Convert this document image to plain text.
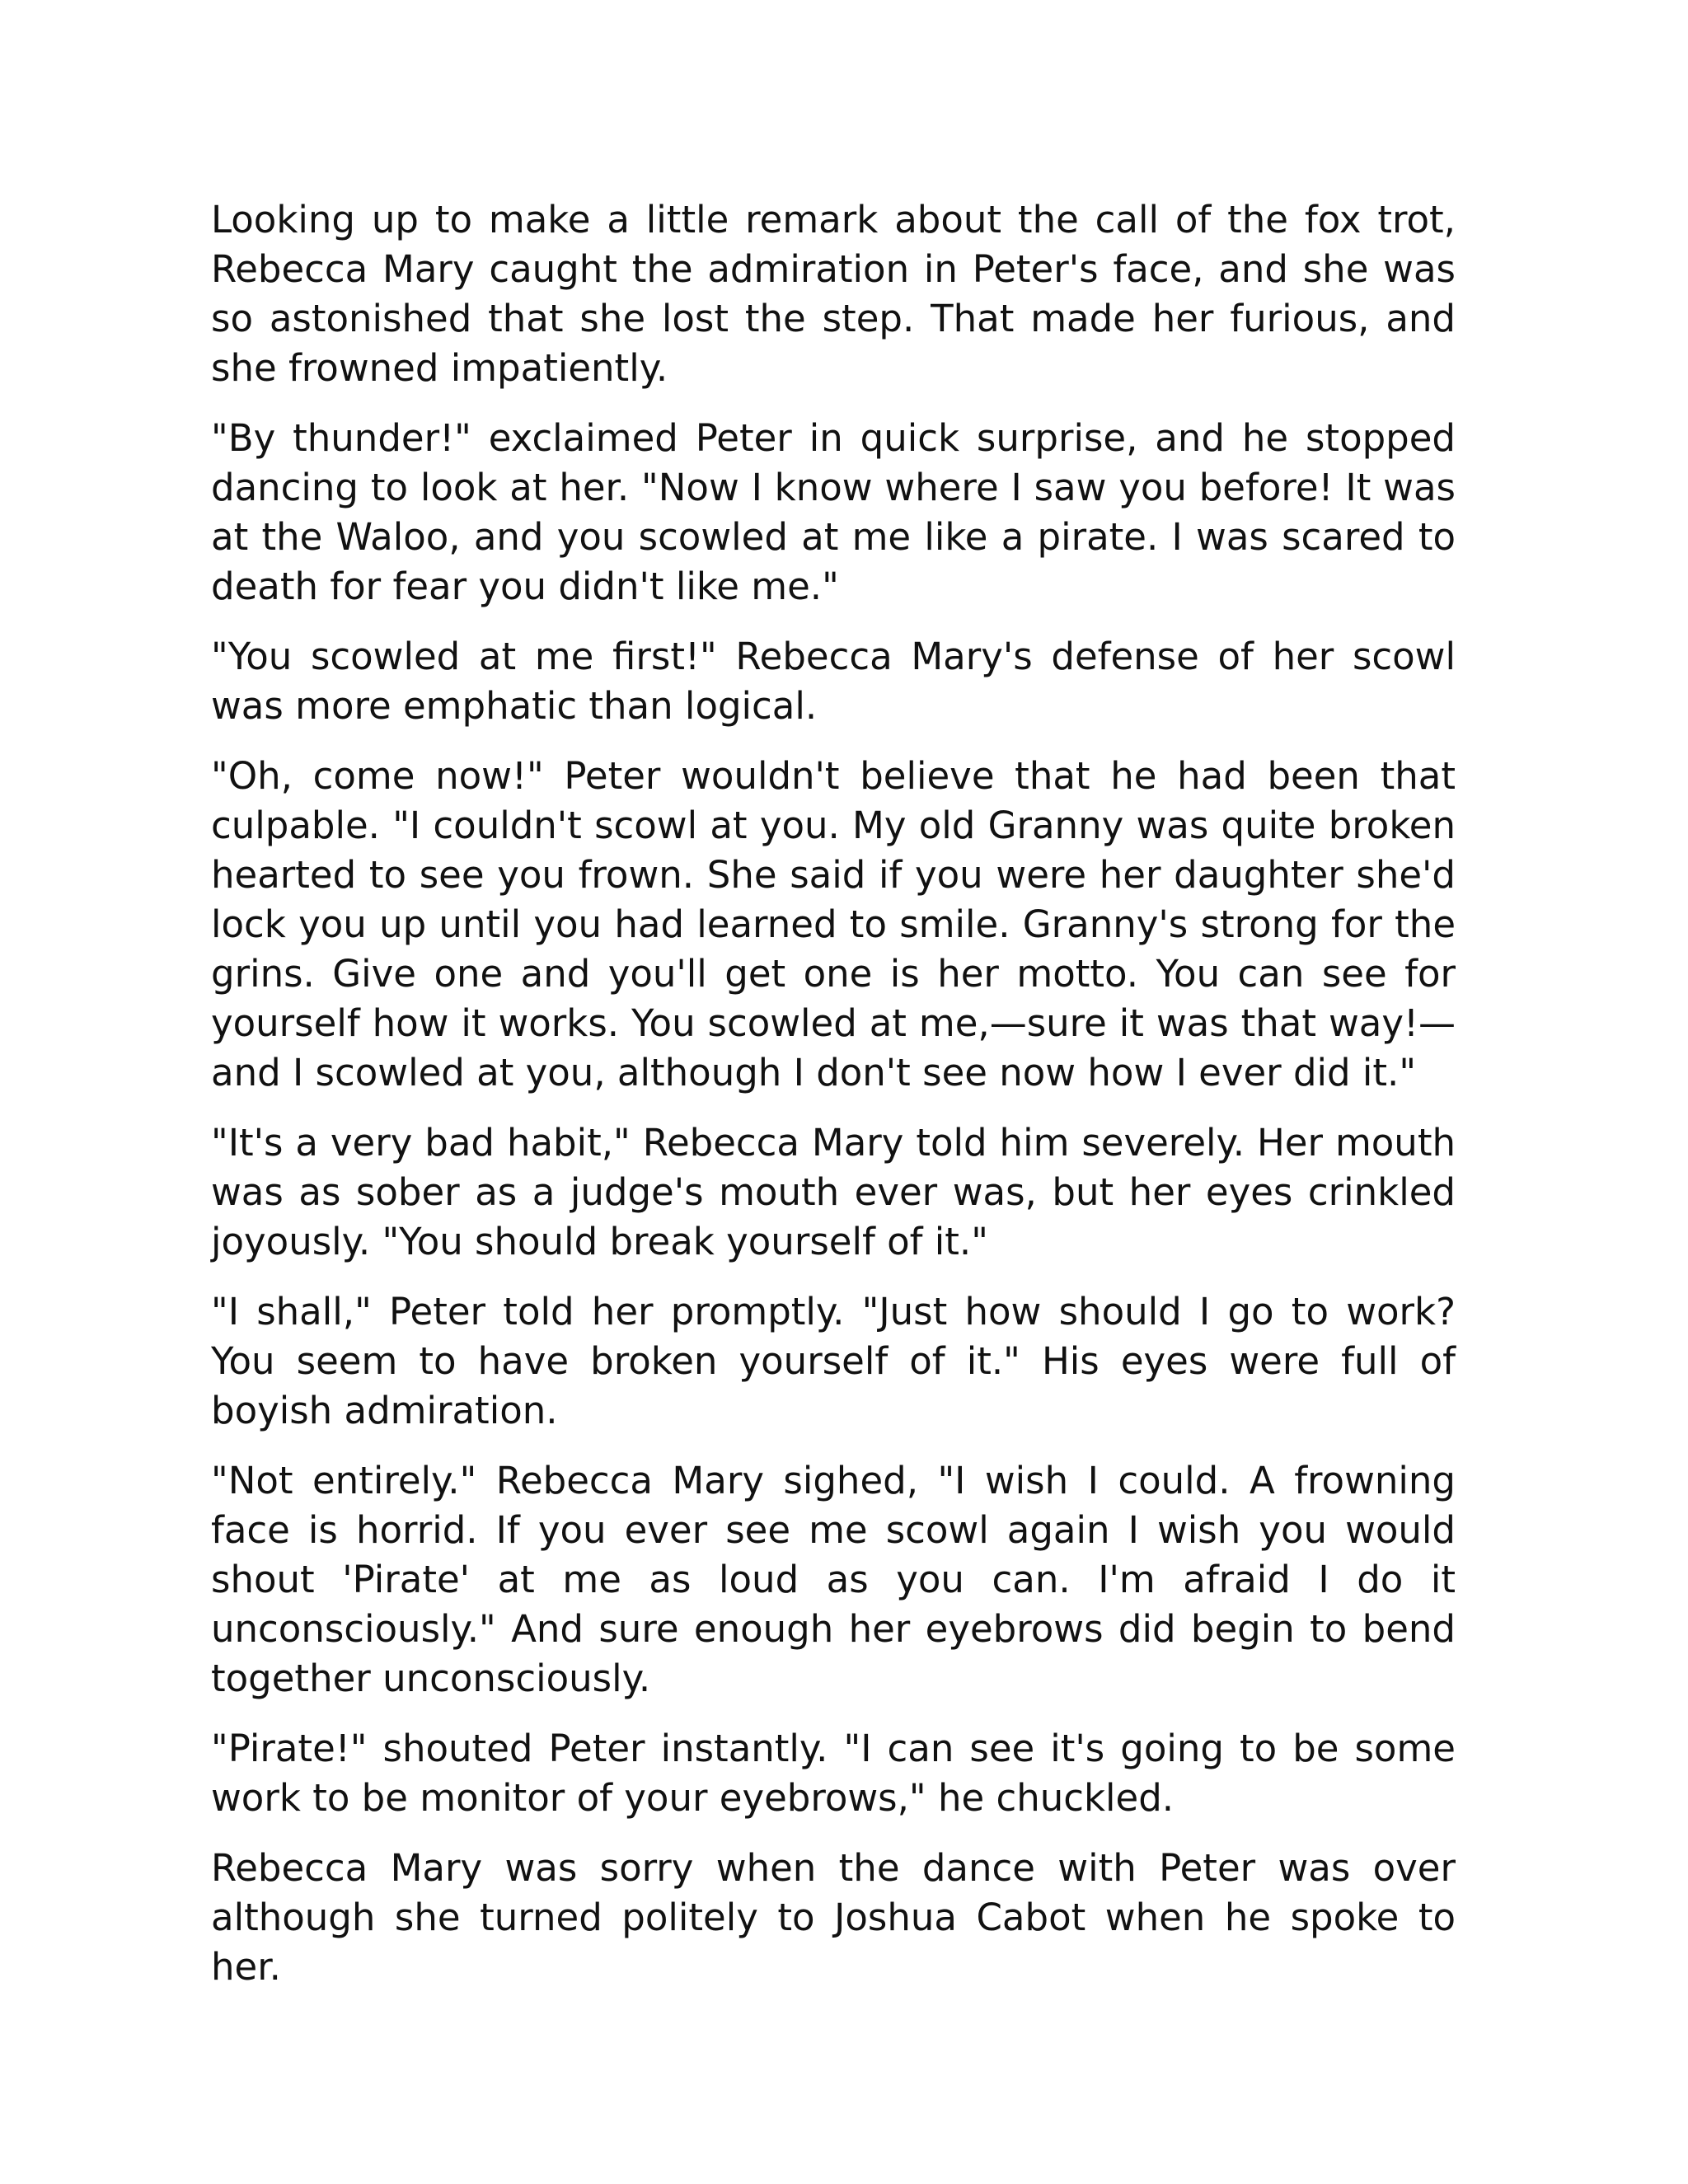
Looking up to make a little remark about the call of the fox trot, Rebecca Mary caught the admiration in Peter's face, and she was so astonished that she lost the step. That made her furious, and she frowned impatiently.

"By thunder!" exclaimed Peter in quick surprise, and he stopped dancing to look at her. "Now I know where I saw you before! It was at the Waloo, and you scowled at me like a pirate. I was scared to death for fear you didn't like me."

"You scowled at me first!" Rebecca Mary's defense of her scowl was more emphatic than logical.

"Oh, come now!" Peter wouldn't believe that he had been that culpable. "I couldn't scowl at you. My old Granny was quite broken hearted to see you frown. She said if you were her daughter she'd lock you up until you had learned to smile. Granny's strong for the grins. Give one and you'll get one is her motto. You can see for yourself how it works. You scowled at me,—sure it was that way!—and I scowled at you, although I don't see now how I ever did it."

"It's a very bad habit," Rebecca Mary told him severely. Her mouth was as sober as a judge's mouth ever was, but her eyes crinkled joyously. "You should break yourself of it."

"I shall," Peter told her promptly. "Just how should I go to work? You seem to have broken yourself of it." His eyes were full of boyish admiration.

"Not entirely." Rebecca Mary sighed, "I wish I could. A frowning face is horrid. If you ever see me scowl again I wish you would shout 'Pirate' at me as loud as you can. I'm afraid I do it unconsciously." And sure enough her eyebrows did begin to bend together unconsciously.

"Pirate!" shouted Peter instantly. "I can see it's going to be some work to be monitor of your eyebrows," he chuckled.

Rebecca Mary was sorry when the dance with Peter was over although she turned politely to Joshua Cabot when he spoke to her.
